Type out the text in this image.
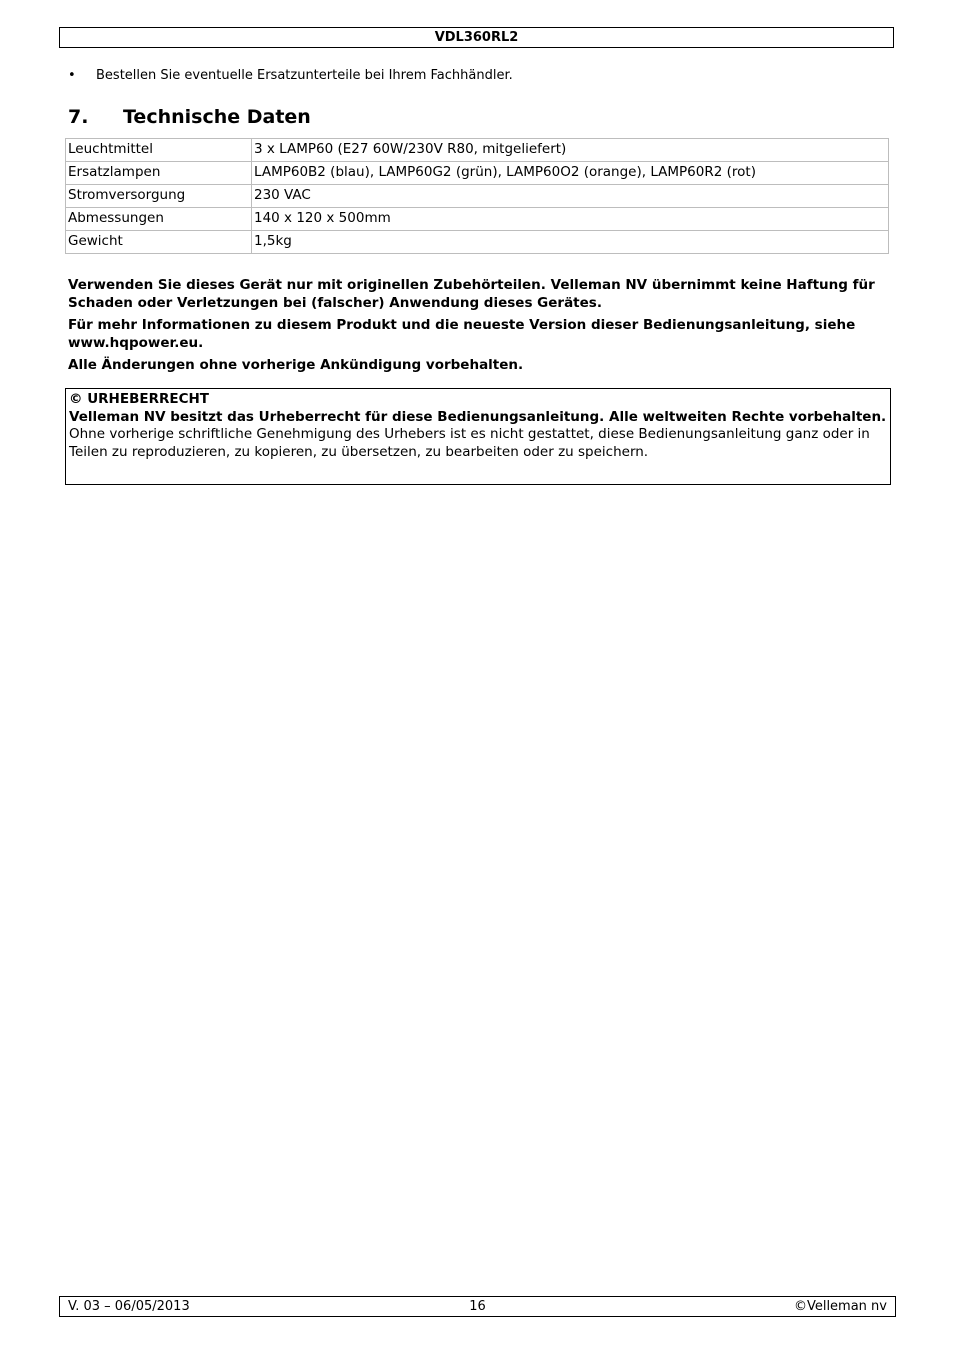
VDL360RL2
•	Bestellen Sie eventuelle Ersatzunterteile bei Ihrem Fachhändler.
7. Technische Daten
Leuchtmittel	3 x LAMP60 (E27 60W/230V R80, mitgeliefert)
Ersatzlampen	LAMP60B2 (blau), LAMP60G2 (grün), LAMP60O2 (orange), LAMP60R2 (rot)
Stromversorgung	230 VAC
Abmessungen	140 x 120 x 500mm
Gewicht	1,5kg

Verwenden Sie dieses Gerät nur mit originellen Zubehörteilen. Velleman NV übernimmt keine Haftung für Schaden oder Verletzungen bei (falscher) Anwendung dieses Gerätes.

Für mehr Informationen zu diesem Produkt und die neueste Version dieser Bedienungsanleitung, siehe www.hqpower.eu.

Alle Änderungen ohne vorherige Ankündigung vorbehalten.

© URHEBERRECHT
Velleman NV besitzt das Urheberrecht für diese Bedienungsanleitung. Alle weltweiten Rechte vorbehalten. Ohne vorherige schriftliche Genehmigung des Urhebers ist es nicht gestattet, diese Bedienungsanleitung ganz oder in Teilen zu reproduzieren, zu kopieren, zu übersetzen, zu bearbeiten oder zu speichern.
V. 03 – 06/05/2013	16	©Velleman nv
